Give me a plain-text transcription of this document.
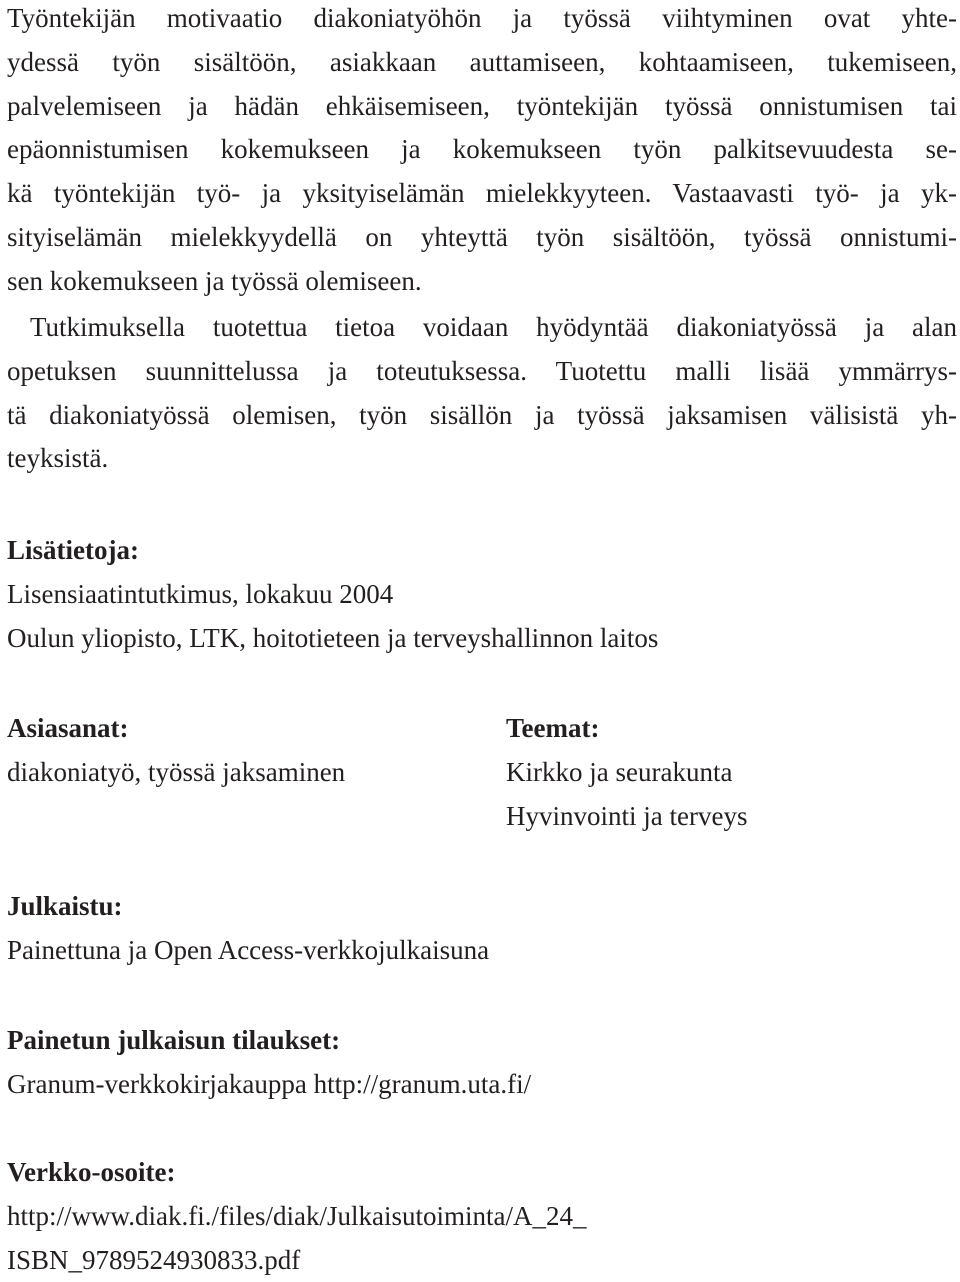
Työntekijän motivaatio diakoniatyöhön ja työssä viihtyminen ovat yhte-
ydessä työn sisältöön, asiakkaan auttamiseen, kohtaamiseen, tukemiseen,
palvelemiseen ja hädän ehkäisemiseen, työntekijän työssä onnistumisen tai
epäonnistumisen kokemukseen ja kokemukseen työn palkitsevuudesta se-
kä työntekijän työ- ja yksityiselämän mielekkyyteen. Vastaavasti työ- ja yk-
sityiselämän mielekkyydellä on yhteyttä työn sisältöön, työssä onnistumi-
sen kokemukseen ja työssä olemiseen.

Tutkimuksella tuotettua tietoa voidaan hyödyntää diakoniatyössä ja alan
opetuksen suunnittelussa ja toteutuksessa. Tuotettu malli lisää ymmärrys-
tä diakoniatyössä olemisen, työn sisällön ja työssä jaksamisen välisistä yh-
teyksistä.

Lisätietoja:
Lisensiaatintutkimus, lokakuu 2004
Oulun yliopisto, LTK, hoitotieteen ja terveyshallinnon laitos
Asiasanat:
diakoniatyö, työssä jaksaminen
Teemat:
Kirkko ja seurakunta
Hyvinvointi ja terveys
Julkaistu:
Painettuna ja Open Access-verkkojulkaisuna
Painetun julkaisun tilaukset:
Granum-verkkokirjakauppa http://granum.uta.fi/
Verkko-osoite:
http://www.diak.fi./files/diak/Julkaisutoiminta/A_24_
ISBN_9789524930833.pdf
